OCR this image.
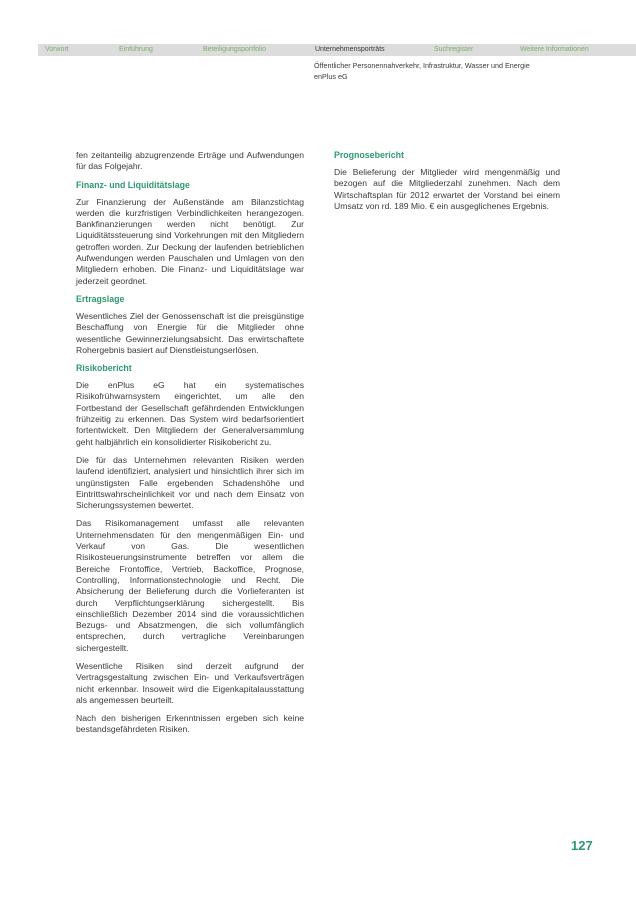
Vorwort	Einführung	Beteiligungsportfolio	Unternehmensporträts	Suchregister	Weitere Informationen
Öffentlicher Personennahverkehr, Infrastruktur, Wasser und Energie
enPlus eG

fen zeitanteilig abzugrenzende Erträge und Aufwendungen für das Folgejahr.

Finanz- und Liquiditätslage

Zur Finanzierung der Außenstände am Bilanzstichtag werden die kurzfristigen Verbindlichkeiten herangezogen. Bankfinanzierungen werden nicht benötigt. Zur Liquiditätssteuerung sind Vorkehrungen mit den Mitgliedern getroffen worden. Zur Deckung der laufenden betrieblichen Aufwendungen werden Pauschalen und Umlagen von den Mitgliedern erhoben. Die Finanz- und Liquiditätslage war jederzeit geordnet.

Ertragslage

Wesentliches Ziel der Genossenschaft ist die preisgünstige Beschaffung von Energie für die Mitglieder ohne wesentliche Gewinnerzielungsabsicht. Das erwirtschaftete Rohergebnis basiert auf Dienstleistungserlösen.

Risikobericht

Die enPlus eG hat ein systematisches Risikofrühwarnsystem eingerichtet, um alle den Fortbestand der Gesellschaft gefährdenden Entwicklungen frühzeitig zu erkennen. Das System wird bedarfsorientiert fortentwickelt. Den Mitgliedern der Generalversammlung geht halbjährlich ein konsolidierter Risikobericht zu.

Die für das Unternehmen relevanten Risiken werden laufend identifiziert, analysiert und hinsichtlich ihrer sich im ungünstigsten Falle ergebenden Schadenshöhe und Eintrittswahrscheinlichkeit vor und nach dem Einsatz von Sicherungssystemen bewertet.

Das Risikomanagement umfasst alle relevanten Unternehmensdaten für den mengenmäßigen Ein- und Verkauf von Gas. Die wesentlichen Risikosteuerungsinstrumente betreffen vor allem die Bereiche Frontoffice, Vertrieb, Backoffice, Prognose, Controlling, Informationstechnologie und Recht. Die Absicherung der Belieferung durch die Vorlieferanten ist durch Verpflichtungserklärung sichergestellt. Bis einschließlich Dezember 2014 sind die voraussichtlichen Bezugs- und Absatzmengen, die sich vollumfänglich entsprechen, durch vertragliche Vereinbarungen sichergestellt.

Wesentliche Risiken sind derzeit aufgrund der Vertragsgestaltung zwischen Ein- und Verkaufsverträgen nicht erkennbar. Insoweit wird die Eigenkapitalausstattung als angemessen beurteilt.

Nach den bisherigen Erkenntnissen ergeben sich keine bestandsgefährdeten Risiken.

Prognosebericht

Die Belieferung der Mitglieder wird mengenmäßig und bezogen auf die Mitgliederzahl zunehmen. Nach dem Wirtschaftsplan für 2012 erwartet der Vorstand bei einem Umsatz von rd. 189 Mio. € ein ausgeglichenes Ergebnis.

127
